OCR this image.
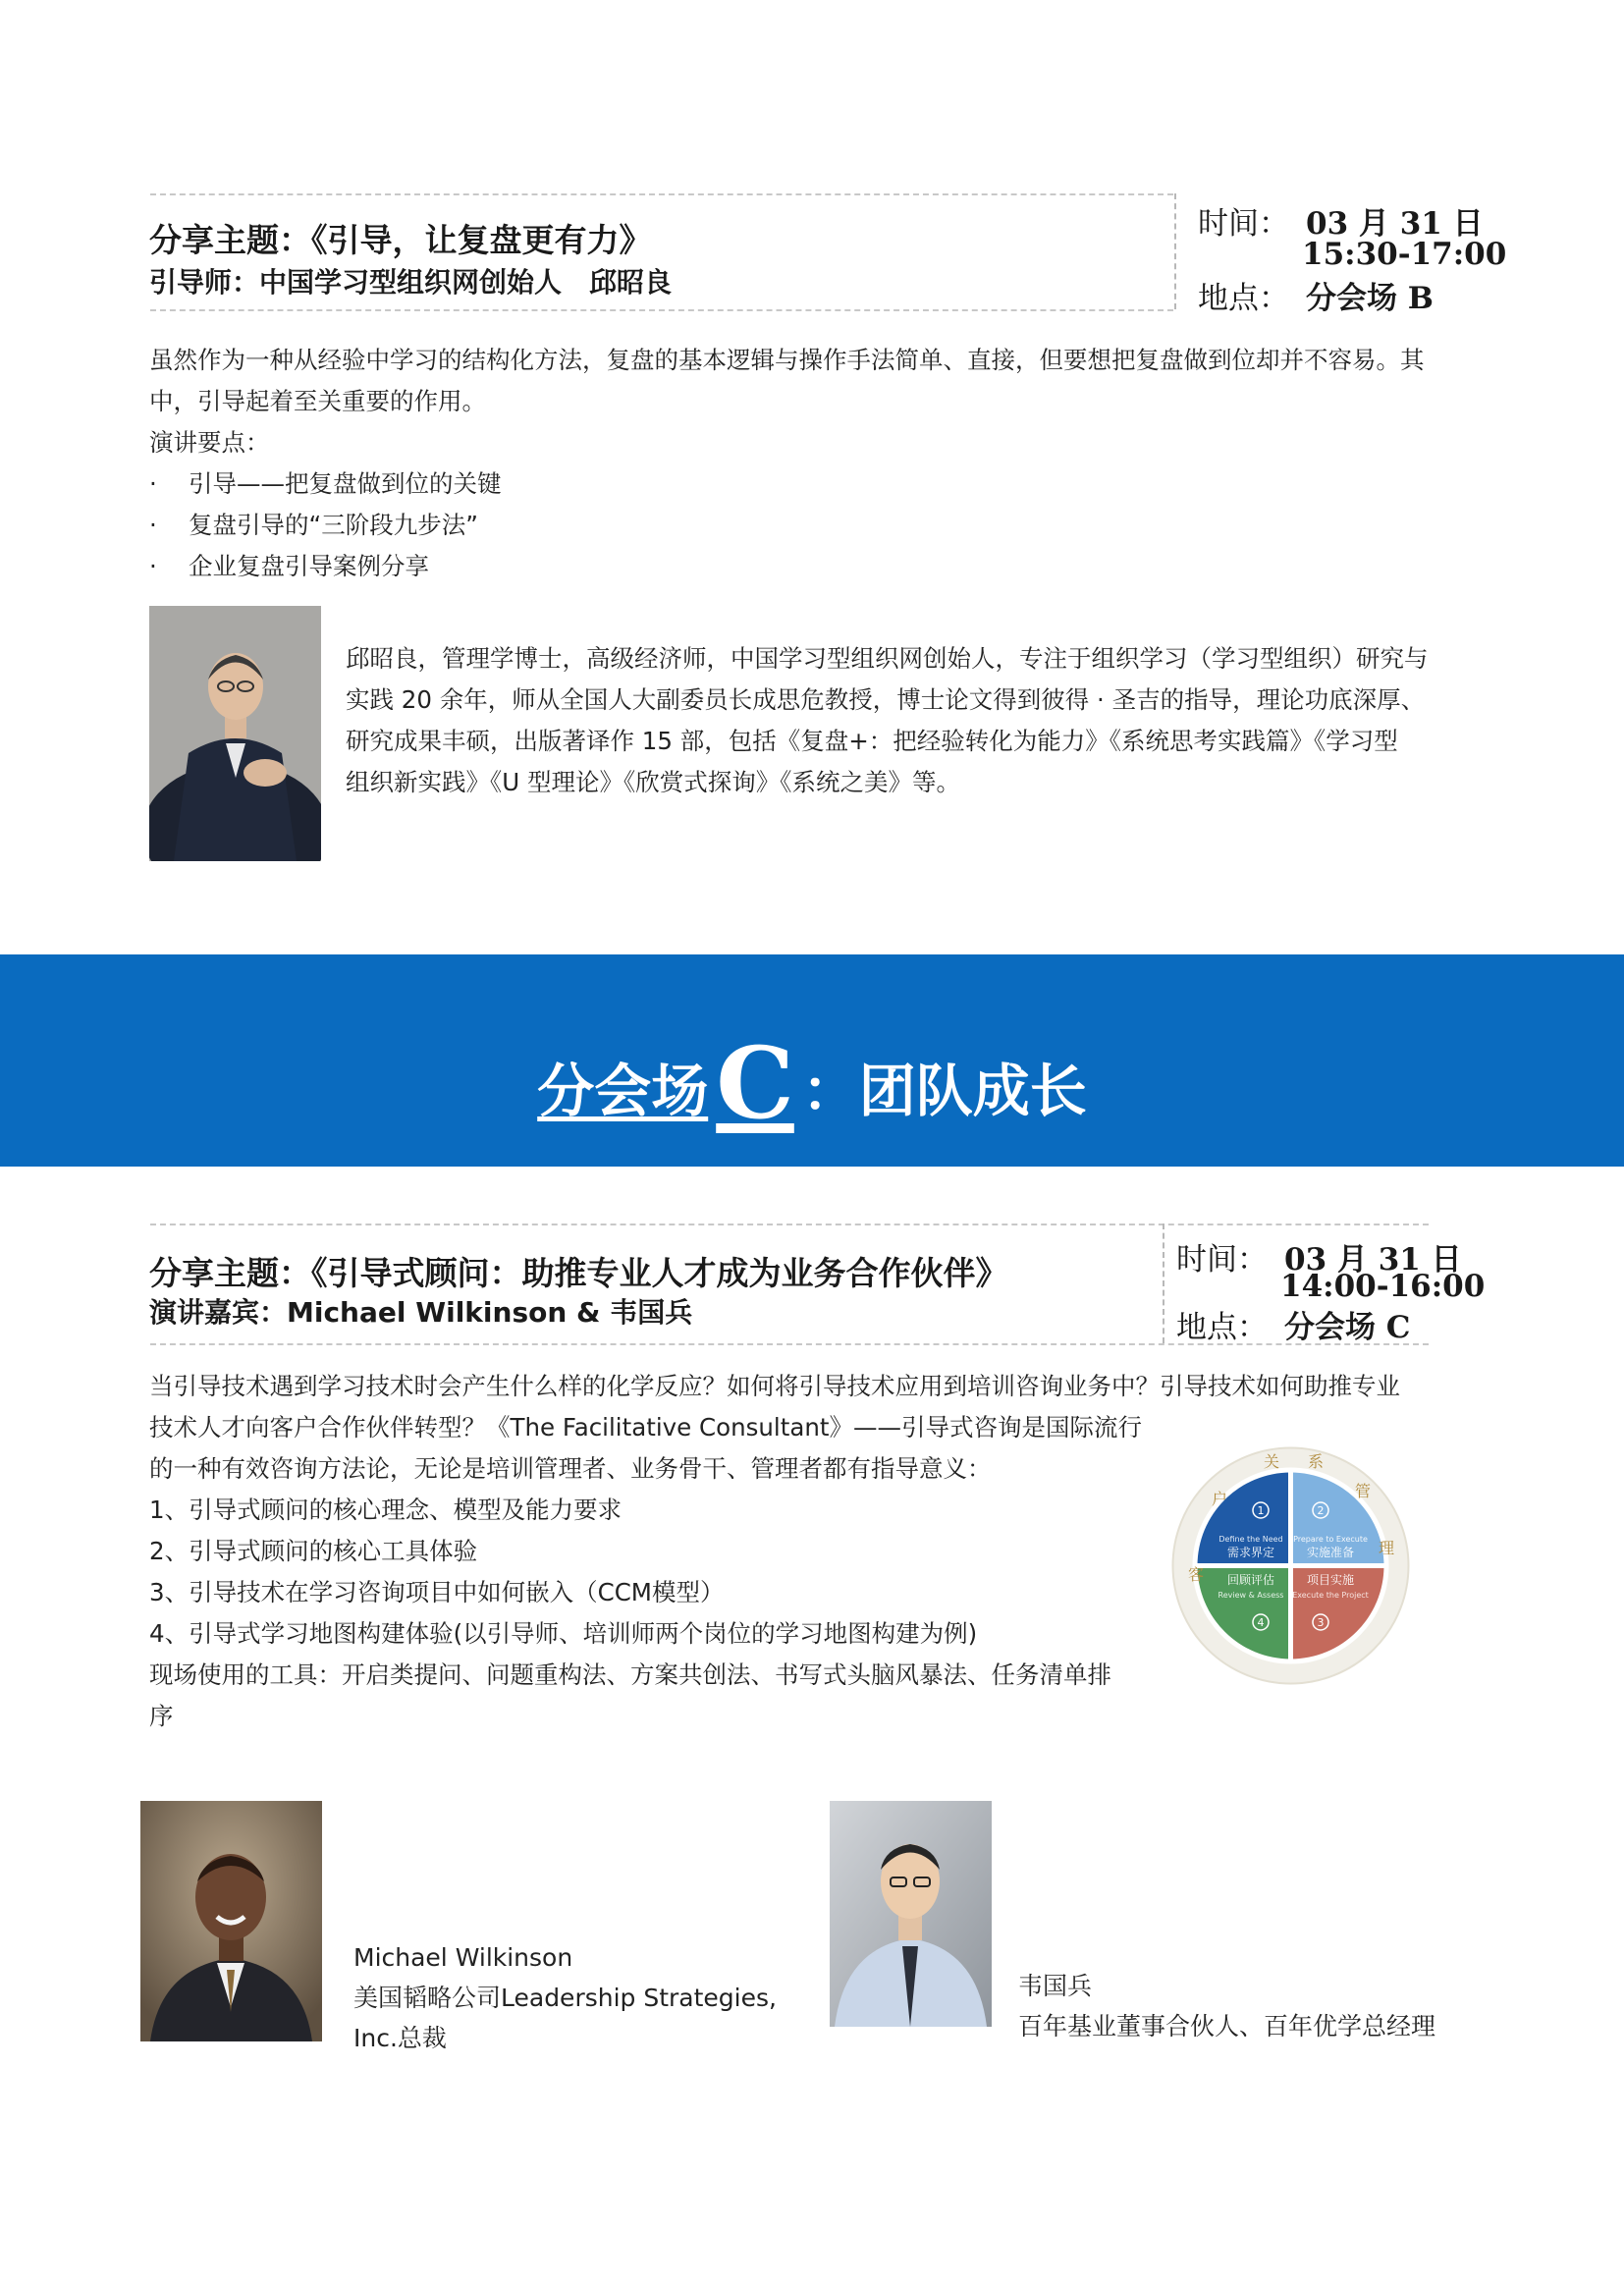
分享主题：《引导，让复盘更有力》
引导师：中国学习型组织网创始人　邱昭良
时间： 03 月 31 日
15:30-17:00
地点： 分会场 B

虽然作为一种从经验中学习的结构化方法，复盘的基本逻辑与操作手法简单、直接，但要想把复盘做到位却并不容易。其

中，引导起着至关重要的作用。

演讲要点：

· 引导——把复盘做到位的关键
· 复盘引导的“三阶段九步法”
· 企业复盘引导案例分享

邱昭良，管理学博士，高级经济师，中国学习型组织网创始人，专注于组织学习（学习型组织）研究与

实践 20 余年，师从全国人大副委员长成思危教授，博士论文得到彼得 · 圣吉的指导，理论功底深厚、

研究成果丰硕，出版著译作 15 部，包括《复盘+：把经验转化为能力》《系统思考实践篇》《学习型

组织新实践》《U 型理论》《欣赏式探询》《系统之美》等。

分会场 C ：团队成长
分享主题：《引导式顾问：助推专业人才成为业务合作伙伴》
演讲嘉宾：Michael Wilkinson & 韦国兵
时间： 03 月 31 日
14:00-16:00
地点： 分会场 C

当引导技术遇到学习技术时会产生什么样的化学反应？如何将引导技术应用到培训咨询业务中？引导技术如何助推专业

技术人才向客户合作伙伴转型？《The Facilitative Consultant》——引导式咨询是国际流行

的一种有效咨询方法论，无论是培训管理者、业务骨干、管理者都有指导意义：

1、引导式顾问的核心理念、模型及能力要求

2、引导式顾问的核心工具体验

3、引导技术在学习咨询项目中如何嵌入（CCM模型）

4、引导式学习地图构建体验(以引导师、培训师两个岗位的学习地图构建为例)

现场使用的工具：开启类提问、问题重构法、方案共创法、书写式头脑风暴法、任务清单排

序

客
户
关 系
管
理
1	2
3
4
Define the Need
需求界定
Prepare to Execute
实施准备
项目实施
Execute the Project
回顾评估
Review & Assess
Michael Wilkinson
美国韬略公司Leadership Strategies,
Inc.总裁
韦国兵
百年基业董事合伙人、百年优学总经理
